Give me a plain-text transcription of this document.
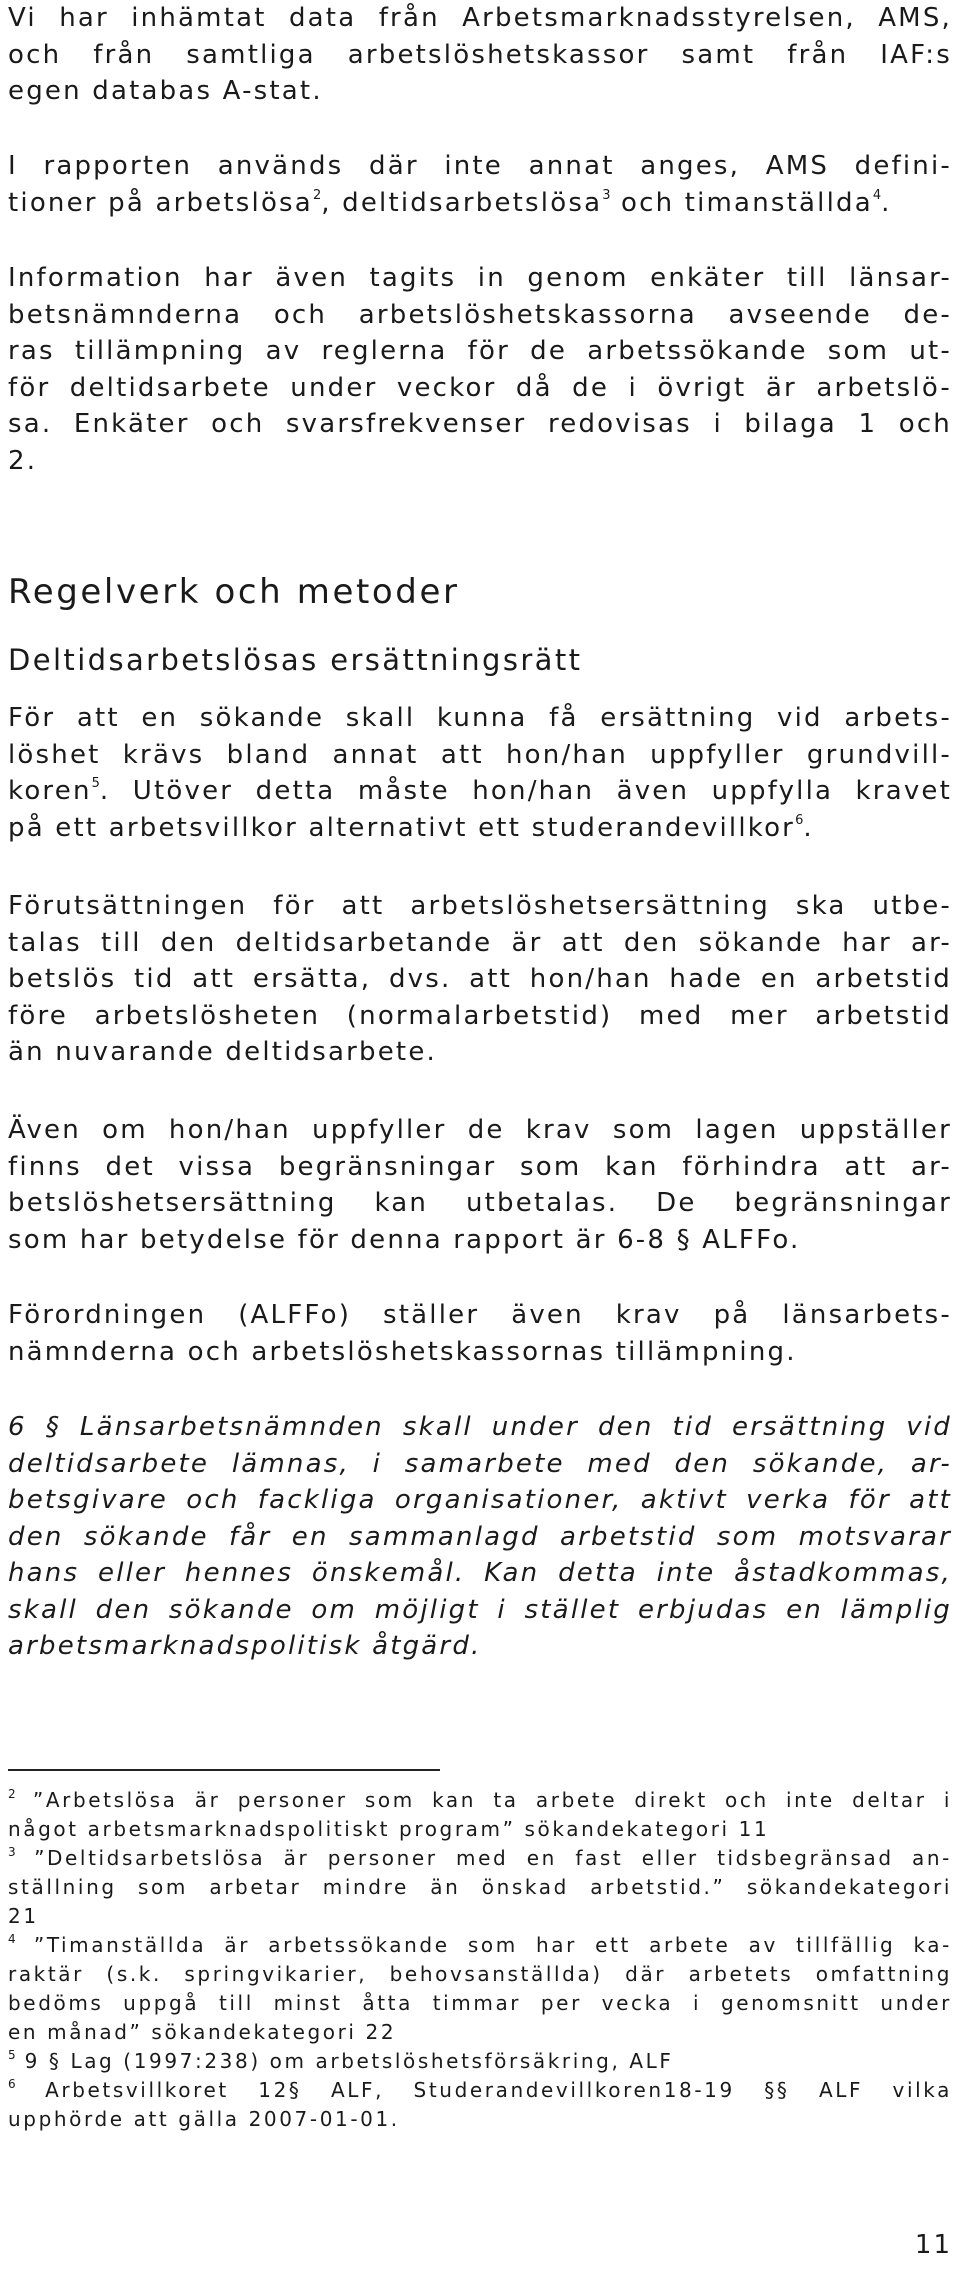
Vi har inhämtat data från Arbetsmarknadsstyrelsen, AMS,

och från samtliga arbetslöshetskassor samt från IAF:s

egen databas A-stat.

I rapporten används där inte annat anges, AMS defini-

tioner på arbetslösa$^2$, deltidsarbetslösa$^3$ och timanställda$^4$.

Information har även tagits in genom enkäter till länsar-

betsnämnderna och arbetslöshetskassorna avseende de-

ras tillämpning av reglerna för de arbetssökande som ut-

för deltidsarbete under veckor då de i övrigt är arbetslö-

sa. Enkäter och svarsfrekvenser redovisas i bilaga 1 och

2.

Regelverk och metoder
Deltidsarbetslösas ersättningsrätt

För att en sökande skall kunna få ersättning vid arbets-

löshet krävs bland annat att hon/han uppfyller grundvill-

koren$^5$. Utöver detta måste hon/han även uppfylla kravet

på ett arbetsvillkor alternativt ett studerandevillkor$^6$.

Förutsättningen för att arbetslöshetsersättning ska utbe-

talas till den deltidsarbetande är att den sökande har ar-

betslös tid att ersätta, dvs. att hon/han hade en arbetstid

före arbetslösheten (normalarbetstid) med mer arbetstid

än nuvarande deltidsarbete.

Även om hon/han uppfyller de krav som lagen uppställer

finns det vissa begränsningar som kan förhindra att ar-

betslöshetsersättning kan utbetalas. De begränsningar

som har betydelse för denna rapport är 6-8 § ALFFo.

Förordningen (ALFFo) ställer även krav på länsarbets-

nämnderna och arbetslöshetskassornas tillämpning.

6 § Länsarbetsnämnden skall under den tid ersättning vid

deltidsarbete lämnas, i samarbete med den sökande, ar-

betsgivare och fackliga organisationer, aktivt verka för att

den sökande får en sammanlagd arbetstid som motsvarar

hans eller hennes önskemål. Kan detta inte åstadkommas,

skall den sökande om möjligt i stället erbjudas en lämplig

arbetsmarknadspolitisk åtgärd.

$^2$ ”Arbetslösa är personer som kan ta arbete direkt och inte deltar i

något arbetsmarknadspolitiskt program” sökandekategori 11

$^3$ ”Deltidsarbetslösa är personer med en fast eller tidsbegränsad an-

ställning som arbetar mindre än önskad arbetstid.” sökandekategori

21

$^4$ ”Timanställda är arbetssökande som har ett arbete av tillfällig ka-

raktär (s.k. springvikarier, behovsanställda) där arbetets omfattning

bedöms uppgå till minst åtta timmar per vecka i genomsnitt under

en månad” sökandekategori 22

$^5$ 9 § Lag (1997:238) om arbetslöshetsförsäkring, ALF

$^6$ Arbetsvillkoret 12§ ALF, Studerandevillkoren18-19 §§ ALF vilka

upphörde att gälla 2007-01-01.

11
